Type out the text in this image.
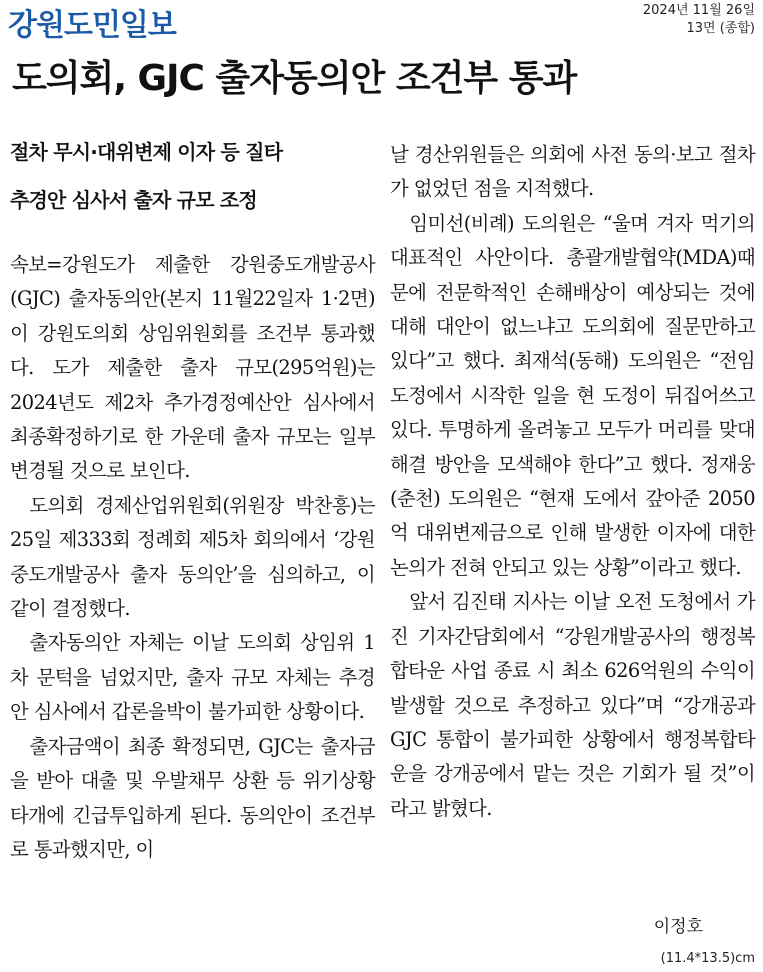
강원도민일보	2024년 11월 26일
13면 (종합)
도의회, GJC 출자동의안 조건부 통과
절차 무시·대위변제 이자 등 질타
추경안 심사서 출자 규모 조정

속보=강원도가 제출한 강원중도개발공사(GJC) 출자동의안(본지 11월22일자 1·2면)이 강원도의회 상임위원회를 조건부 통과했다. 도가 제출한 출자 규모(295억원)는 2024년도 제2차 추가경정예산안 심사에서 최종확정하기로 한 가운데 출자 규모는 일부 변경될 것으로 보인다.

도의회 경제산업위원회(위원장 박찬흥)는 25일 제333회 정례회 제5차 회의에서 ‘강원중도개발공사 출자 동의안’을 심의하고, 이 같이 결정했다.

출자동의안 자체는 이날 도의회 상임위 1차 문턱을 넘었지만, 출자 규모 자체는 추경안 심사에서 갑론을박이 불가피한 상황이다.

출자금액이 최종 확정되면, GJC는 출자금을 받아 대출 및 우발채무 상환 등 위기상황 타개에 긴급투입하게 된다. 동의안이 조건부로 통과했지만, 이

날 경산위원들은 의회에 사전 동의·보고 절차가 없었던 점을 지적했다.

임미선(비례) 도의원은 “울며 겨자 먹기의 대표적인 사안이다. 총괄개발협약(MDA)때문에 전문학적인 손해배상이 예상되는 것에 대해 대안이 없느냐고 도의회에 질문만하고 있다”고 했다. 최재석(동해) 도의원은 “전임도정에서 시작한 일을 현 도정이 뒤집어쓰고 있다. 투명하게 올려놓고 모두가 머리를 맞대 해결 방안을 모색해야 한다”고 했다. 정재웅(춘천) 도의원은 “현재 도에서 갚아준 2050억 대위변제금으로 인해 발생한 이자에 대한 논의가 전혀 안되고 있는 상황”이라고 했다.

앞서 김진태 지사는 이날 오전 도청에서 가진 기자간담회에서 “강원개발공사의 행정복합타운 사업 종료 시 최소 626억원의 수익이 발생할 것으로 추정하고 있다”며 “강개공과 GJC 통합이 불가피한 상황에서 행정복합타운을 강개공에서 맡는 것은 기회가 될 것”이라고 밝혔다.

이정호
(11.4*13.5)cm
